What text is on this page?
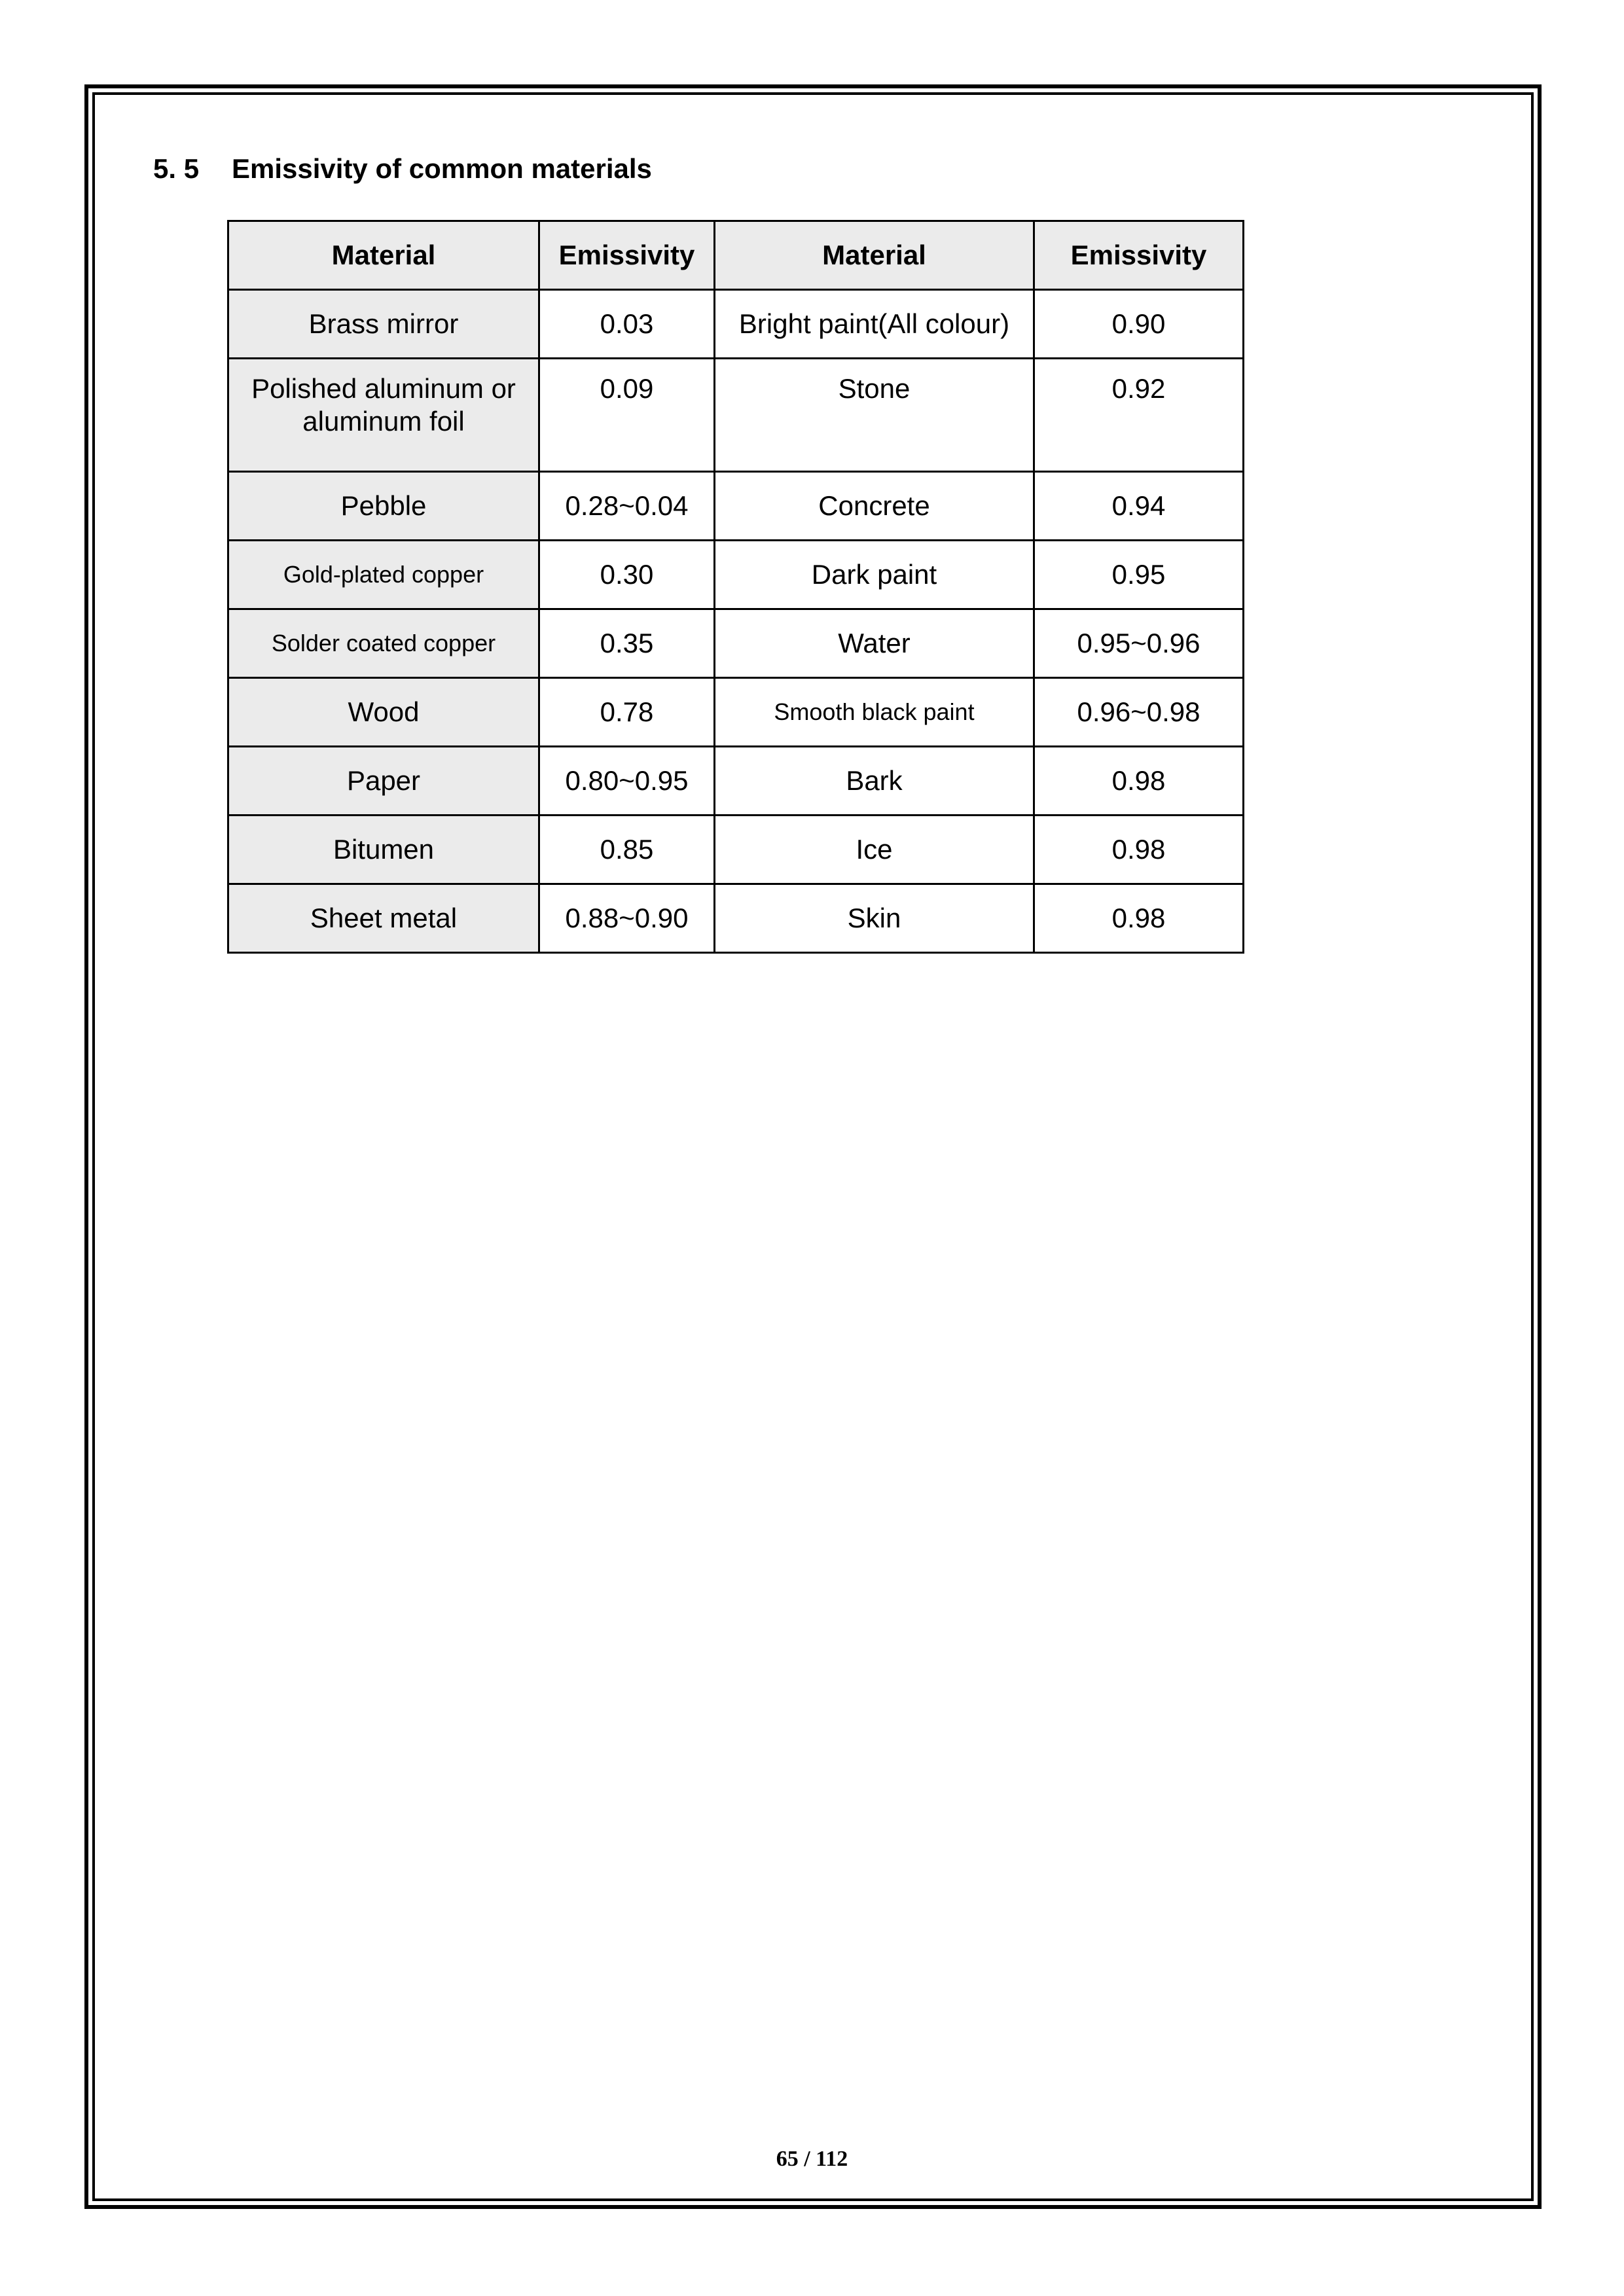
5. 5 Emissivity of common materials
Material	Emissivity	Material	Emissivity
Brass mirror	0.03	Bright paint(All colour)	0.90
Polished aluminum or aluminum foil	0.09	Stone	0.92
Pebble	0.28~0.04	Concrete	0.94
Gold-plated copper	0.30	Dark paint	0.95
Solder coated copper	0.35	Water	0.95~0.96
Wood	0.78	Smooth black paint	0.96~0.98
Paper	0.80~0.95	Bark	0.98
Bitumen	0.85	Ice	0.98
Sheet metal	0.88~0.90	Skin	0.98
65 / 112
